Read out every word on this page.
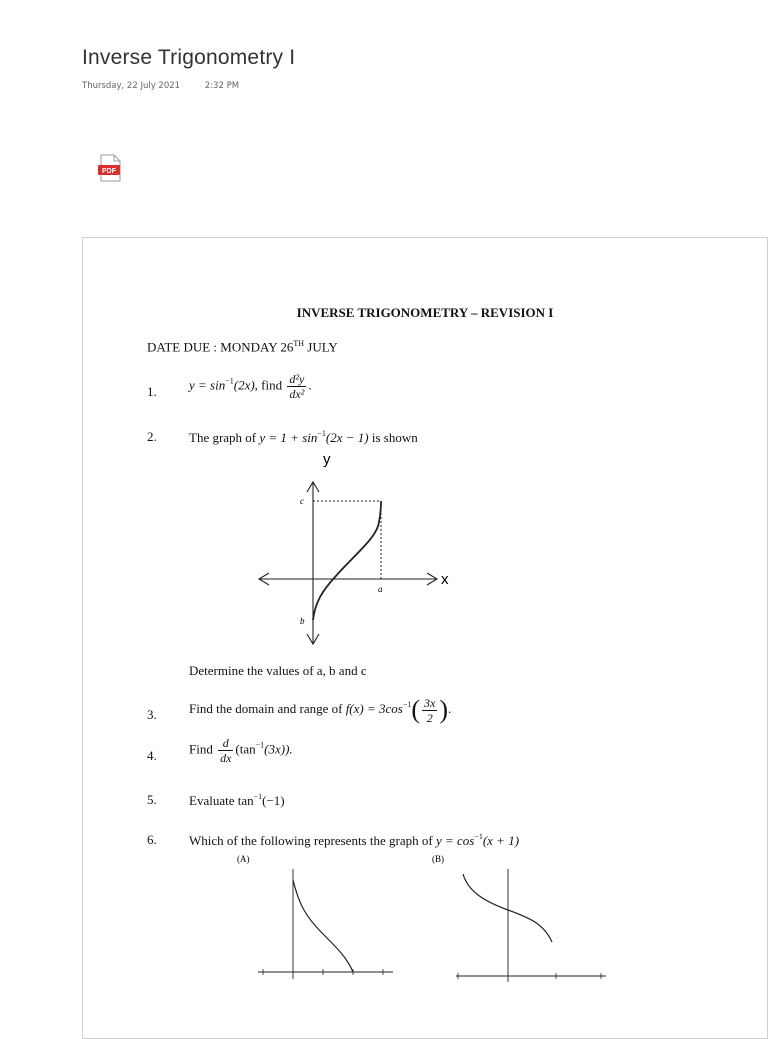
Inverse Trigonometry I
Thursday, 22 July 2021	2:32 PM
PDF
INVERSE TRIGONOMETRY – REVISION I
DATE DUE : MONDAY 26TH JULY
1. $y = \sin^{-1}(2x)$, find $\frac{\text{d²y}}{\text{dx²}}$ .
2. The graph of $y = 1 + \sin^{-1}(2x - 1)$ is shown
y
x
a
b
c
Determine the values of a, b and c
3. Find the domain and range of $f(x) = 3\cos^{-1}( \frac{3x}{2}$ ).
4. Find $\frac{d}{dx} (\tan^{-1}(3x))$.
5. Evaluate $\tan^{-1}(-1)$
6. Which of the following represents the graph of $y = \cos^{-1}(x + 1)$
(A)	(B)
